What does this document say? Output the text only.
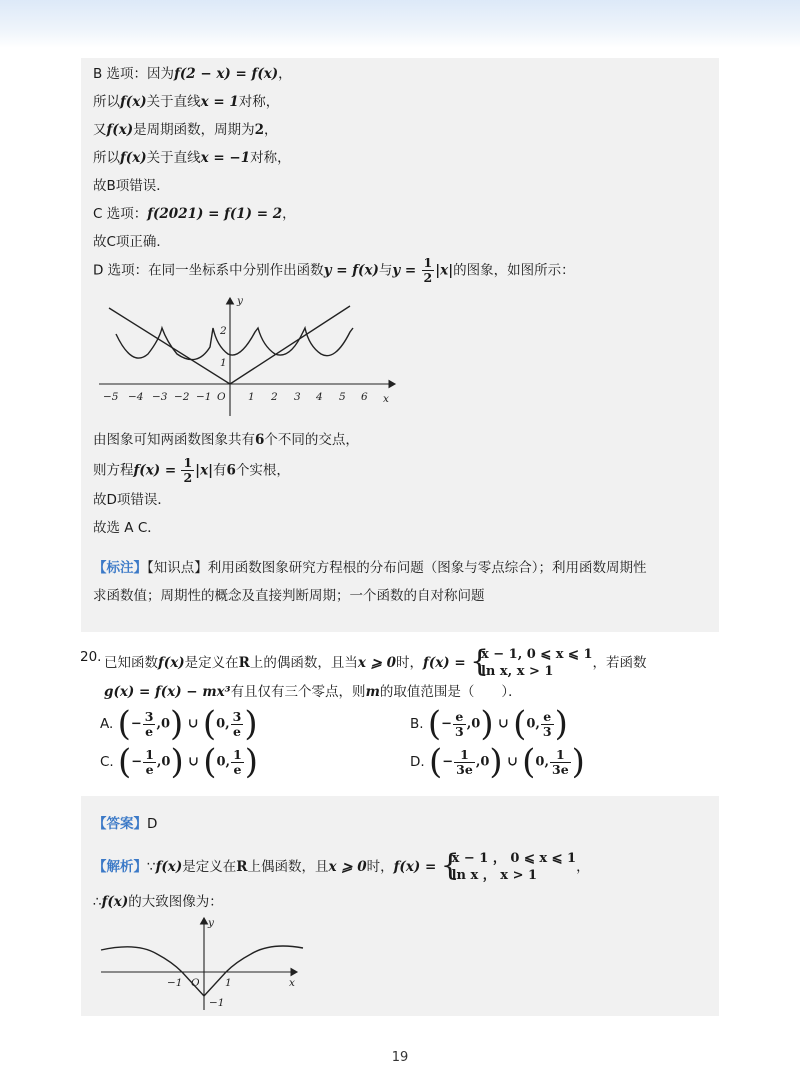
B 选项：因为f(2 − x) = f(x)，
所以f(x)关于直线x = 1对称，
又f(x)是周期函数，周期为2，
所以f(x)关于直线x = −1对称，
故B项错误．
C 选项：f(2021) = f(1) = 2，
故C项正确．
D 选项：在同一坐标系中分别作出函数y = f(x)与$y = \frac{1}{2} |x|$的图象，如图所示：
y
x
O
1
2
−5 −4 −3 −2 −1	1 2 3 4 5 6
由图象可知两函数图象共有6个不同的交点，
则方程$f(x) = \frac{1}{2} |x|$有6个实根，
故D项错误．
故选 A C．
【标注】【知识点】利用函数图象研究方程根的分布问题（图象与零点综合）；利用函数周期性
求函数值；周期性的概念及直接判断周期；一个函数的自对称问题
20. 已知函数f(x)是定义在R上的偶函数，且当x ⩾ 0时，f(x) = {
x − 1, 0 ⩽ x ⩽ 1
ln x, x > 1
，若函数
g(x) = f(x) − mx³有且仅有三个零点，则m的取值范围是（　　）．
A. (− $\frac{3}{e} ,0$) ∪ (0, $\frac{3}{e}$ )	B. (− $\frac{e}{3} ,0$) ∪ (0, $\frac{e}{3}$ )
C. (− $\frac{1}{e} ,0$) ∪ (0, $\frac{1}{e}$ )	D. (− $\frac{1}{3e} ,0$) ∪ (0, $\frac{1}{3e}$ )
【答案】D
【解析】∵f(x)是定义在R上偶函数，且x ⩾ 0时，f(x) = {
x − 1 ， 0 ⩽ x ⩽ 1
ln x ， x > 1
，
∴f(x)的大致图像为：
y
x
O
−1	1
−1
19
